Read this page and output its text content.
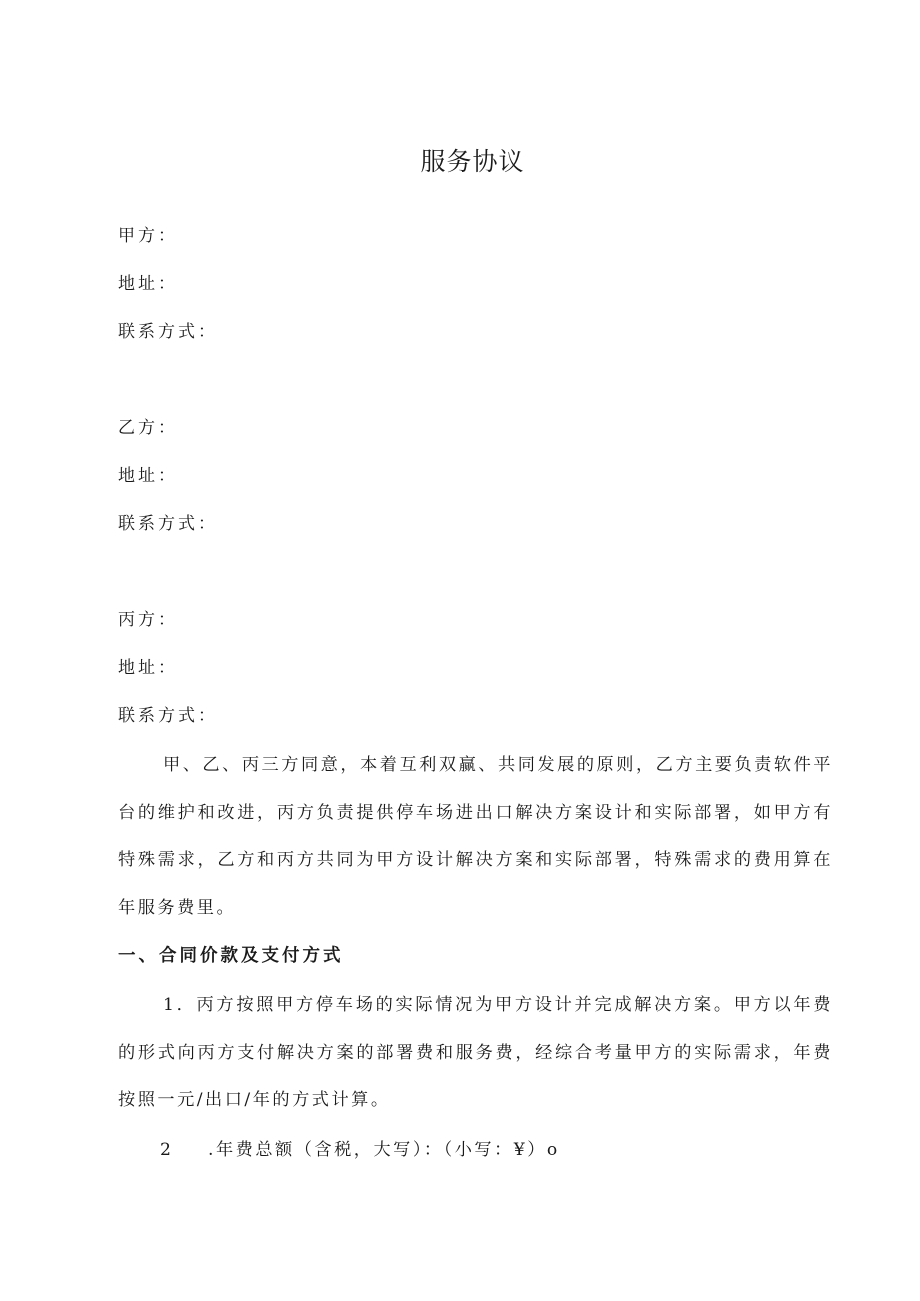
服务协议

甲方：

地址：

联系方式：

乙方：

地址：

联系方式：

丙方：

地址：

联系方式：

甲、乙、丙三方同意，本着互利双赢、共同发展的原则，乙方主要负责软件平台的维护和改进，丙方负责提供停车场进出口解决方案设计和实际部署，如甲方有特殊需求，乙方和丙方共同为甲方设计解决方案和实际部署，特殊需求的费用算在年服务费里。

一、合同价款及支付方式

1．丙方按照甲方停车场的实际情况为甲方设计并完成解决方案。甲方以年费的形式向丙方支付解决方案的部署费和服务费，经综合考量甲方的实际需求，年费按照一元/出口/年的方式计算。

2 .年费总额（含税，大写）：（小写：¥）o
